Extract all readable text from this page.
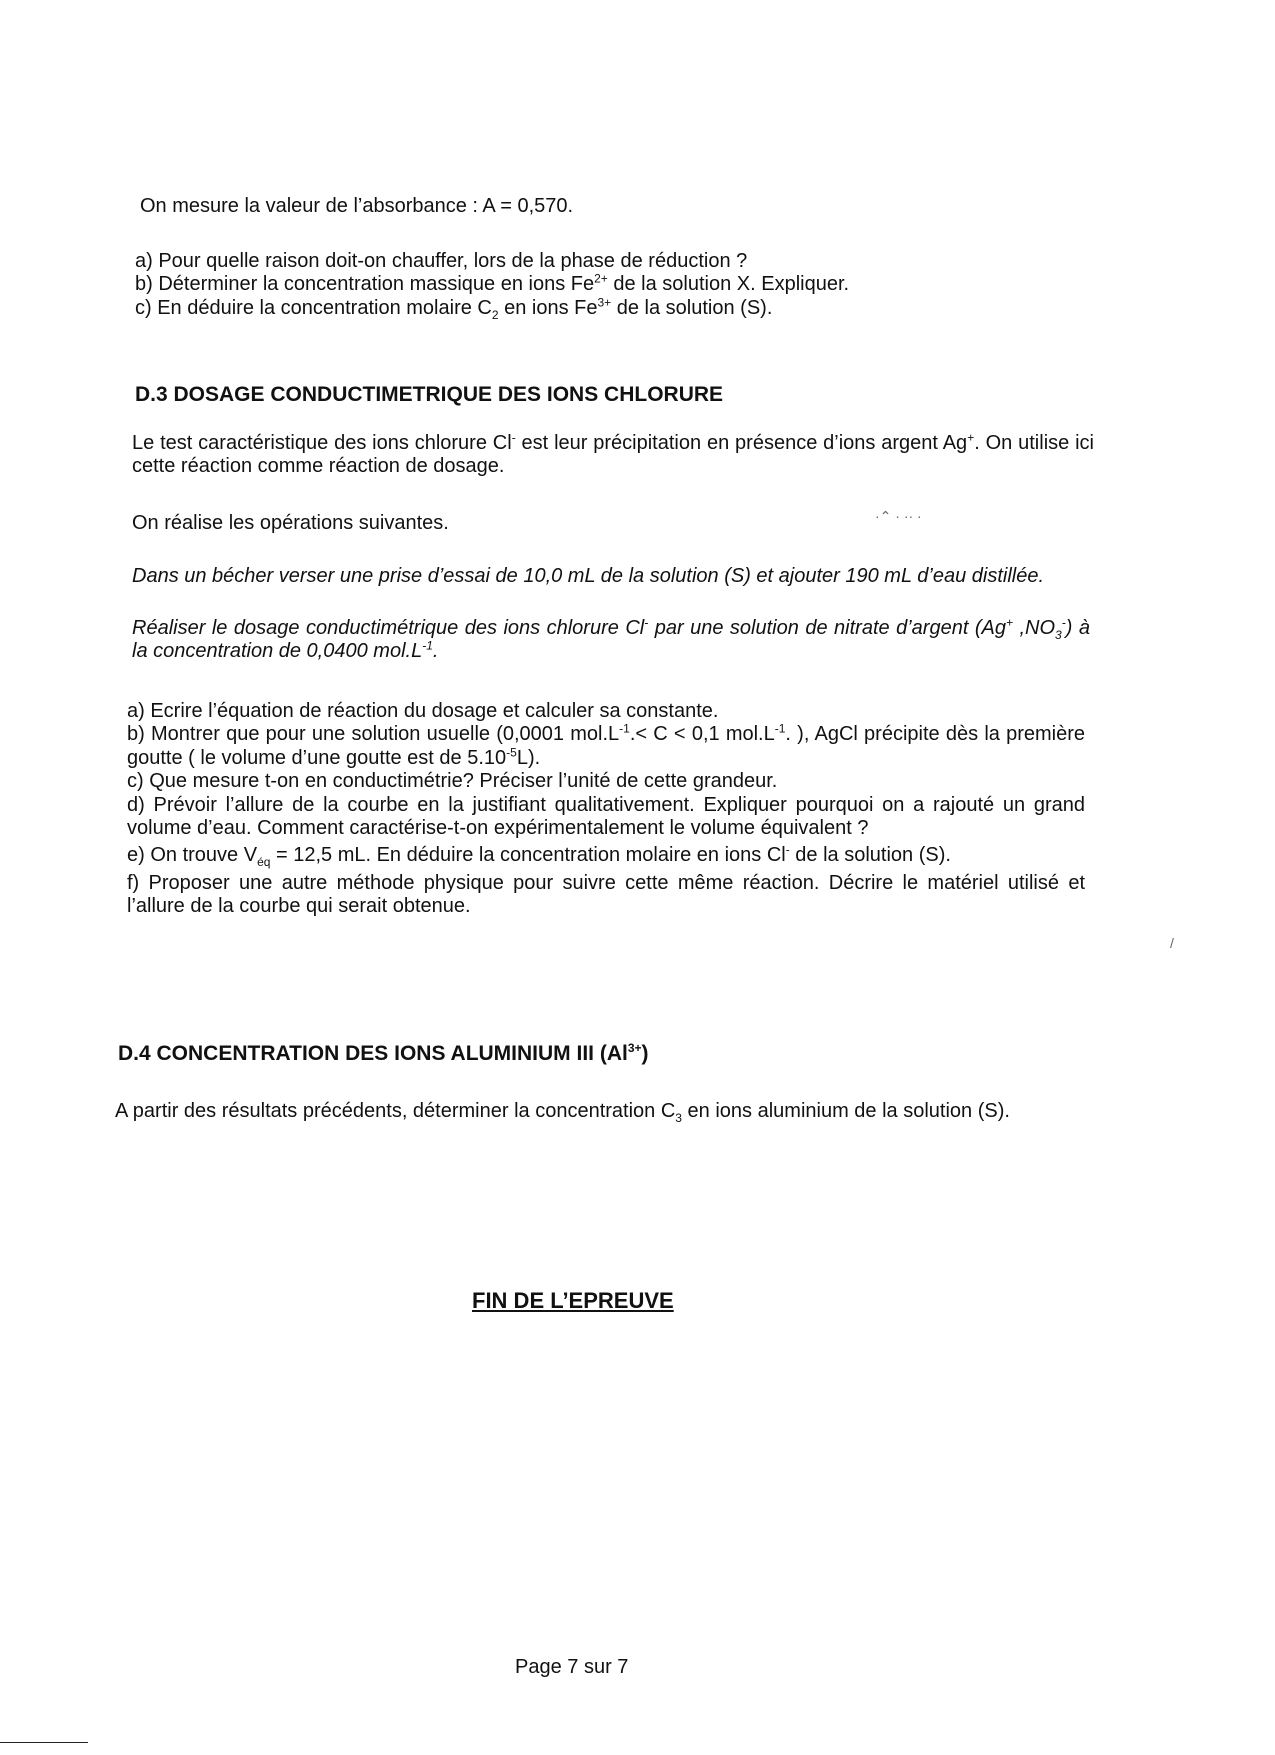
On mesure la valeur de l’absorbance : A = 0,570.

a) Pour quelle raison doit-on chauffer, lors de la phase de réduction ?

b) Déterminer la concentration massique en ions $Fe^{2+}$ de la solution X. Expliquer.

c) En déduire la concentration molaire $C_2$ en ions $Fe^{3+}$ de la solution (S).

D.3 DOSAGE CONDUCTIMETRIQUE DES IONS CHLORURE

Le test caractéristique des ions chlorure Cl- est leur précipitation en présence d’ions argent Ag+. On utilise ici cette réaction comme réaction de dosage.

On réalise les opérations suivantes.

Dans un bécher verser une prise d’essai de 10,0 mL de la solution (S) et ajouter 190 mL d’eau distillée.

Réaliser le dosage conductimétrique des ions chlorure Cl- par une solution de nitrate d’argent (Ag+ $,NO_3^-$) à la concentration de 0,0400 $mol.L^{-1}$.

a) Ecrire l’équation de réaction du dosage et calculer sa constante.

b) Montrer que pour une solution usuelle (0,0001 $mol.L^{-1}.< C < 0,1$ $mol.L^{-1}$. ), AgCl précipite dès la première goutte ( le volume d’une goutte est de $5.10^{-5}L$).

c) Que mesure t-on en conductimétrie? Préciser l’unité de cette grandeur.

d) Prévoir l’allure de la courbe en la justifiant qualitativement. Expliquer pourquoi on a rajouté un grand volume d’eau. Comment caractérise-t-on expérimentalement le volume équivalent ?

e) On trouve $V_{éq} = 12,5$ mL. En déduire la concentration molaire en ions Cl- de la solution (S).

f) Proposer une autre méthode physique pour suivre cette même réaction. Décrire le matériel utilisé et l’allure de la courbe qui serait obtenue.

D.4 CONCENTRATION DES IONS ALUMINIUM III $(Al^{3+})$

A partir des résultats précédents, déterminer la concentration $C_3$ en ions aluminium de la solution (S).

FIN DE L’EPREUVE

Page 7 sur 7

·⌃ · ·· ·
/
